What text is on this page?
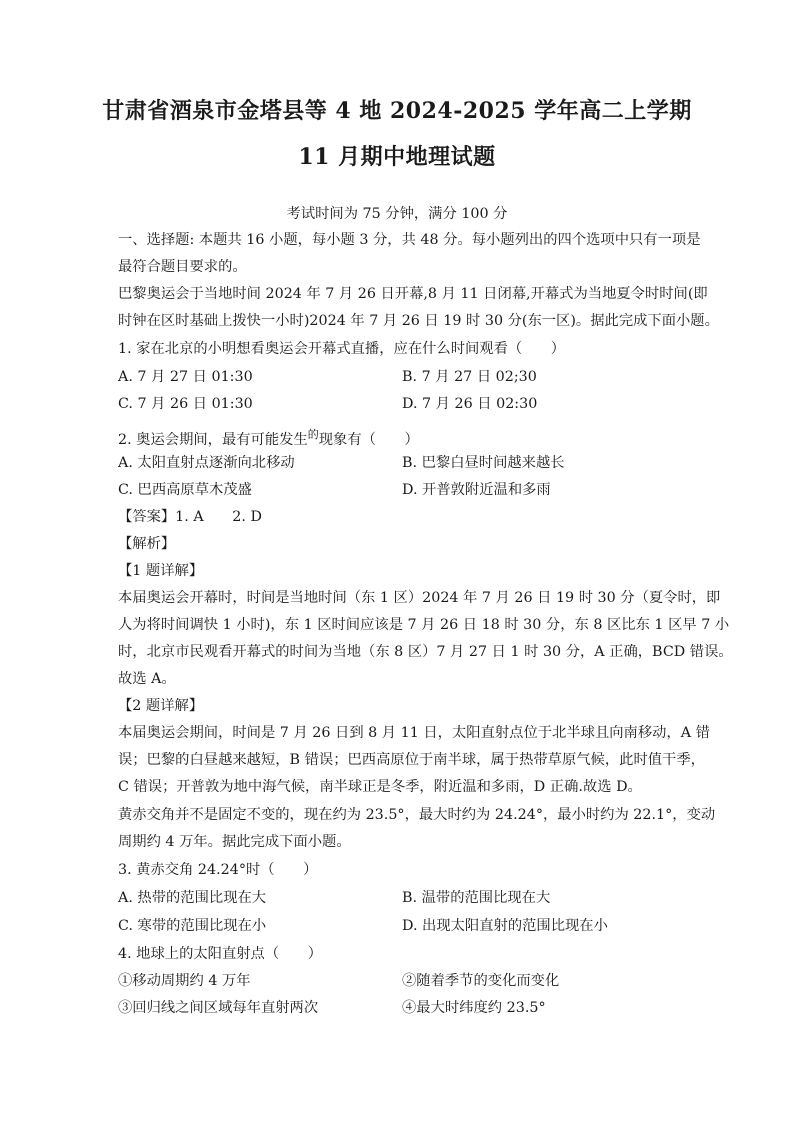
甘肃省酒泉市金塔县等 4 地 2024-2025 学年高二上学期
11 月期中地理试题
考试时间为 75 分钟，满分 100 分
一、选择题: 本题共 16 小题，每小题 3 分，共 48 分。每小题列出的四个选项中只有一项是
最符合题目要求的。
巴黎奥运会于当地时间 2024 年 7 月 26 日开幕,8 月 11 日闭幕,开幕式为当地夏令时时间(即
时钟在区时基础上拨快一小时)2024 年 7 月 26 日 19 时 30 分(东一区)。据此完成下面小题。
1. 家在北京的小明想看奥运会开幕式直播，应在什么时间观看（　　）
A. 7 月 27 日 01:30	B. 7 月 27 日 02;30
C. 7 月 26 日 01:30	D. 7 月 26 日 02:30
2. 奥运会期间，最有可能发生$^的$现象有（　　）
A. 太阳直射点逐渐向北移动	B. 巴黎白昼时间越来越长
C. 巴西高原草木茂盛	D. 开普敦附近温和多雨
【答案】1. A　　2. D
【解析】
【1 题详解】
本届奥运会开幕时，时间是当地时间（东 1 区）2024 年 7 月 26 日 19 时 30 分（夏令时，即
人为将时间调快 1 小时)，东 1 区时间应该是 7 月 26 日 18 时 30 分，东 8 区比东 1 区早 7 小
时，北京市民观看开幕式的时间为当地（东 8 区）7 月 27 日 1 时 30 分，A 正确，BCD 错误。
故选 A。
【2 题详解】
本届奥运会期间，时间是 7 月 26 日到 8 月 11 日，太阳直射点位于北半球且向南移动，A 错
误；巴黎的白昼越来越短，B 错误；巴西高原位于南半球，属于热带草原气候，此时值干季，
C 错误；开普敦为地中海气候，南半球正是冬季，附近温和多雨，D 正确.故选 D。
黄赤交角并不是固定不变的，现在约为 23.5°，最大时约为 24.24°，最小时约为 22.1°，变动
周期约 4 万年。据此完成下面小题。
3. 黄赤交角 24.24°时（　　）
A. 热带的范围比现在大	B. 温带的范围比现在大
C. 寒带的范围比现在小	D. 出现太阳直射的范围比现在小
4. 地球上的太阳直射点（　　）
①移动周期约 4 万年	②随着季节的变化而变化
③回归线之间区域每年直射两次	④最大时纬度约 23.5°
